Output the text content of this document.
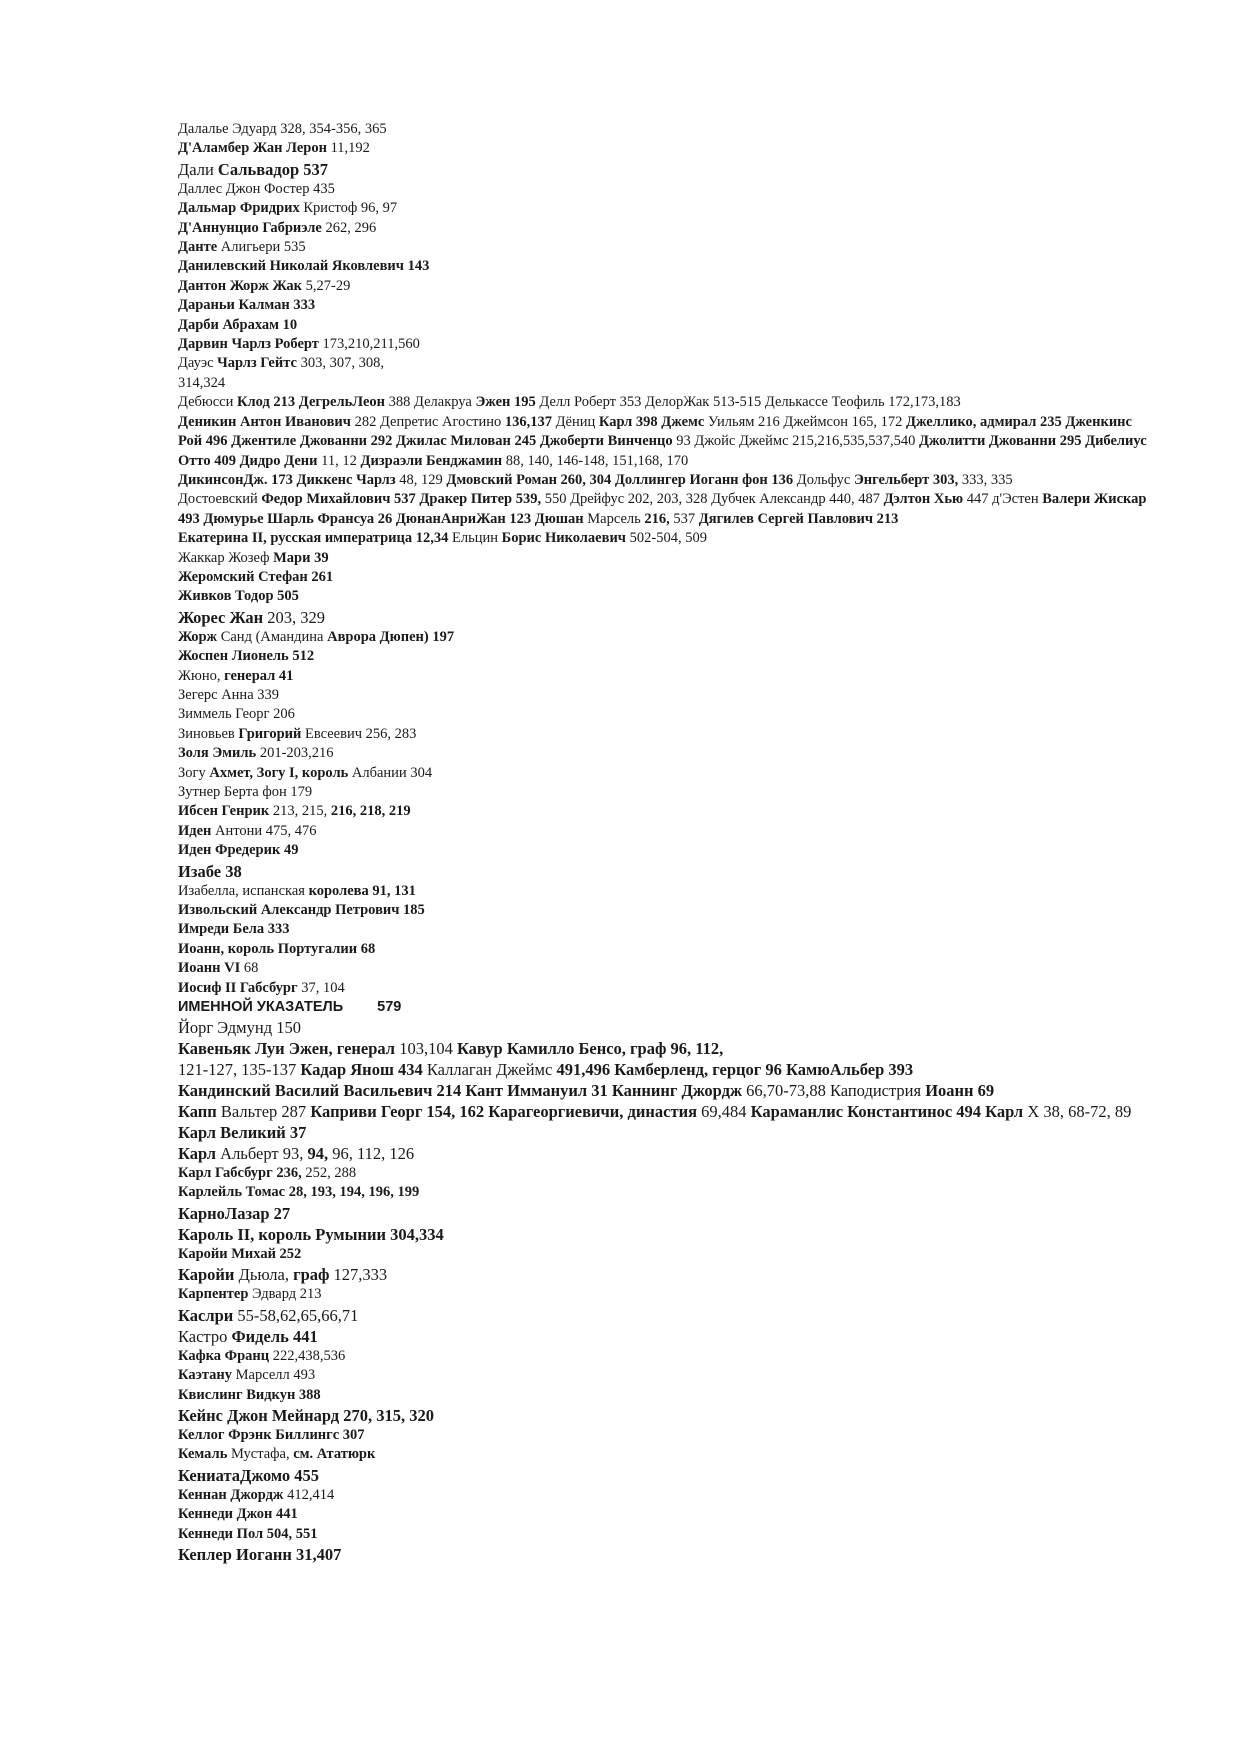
Далалье Эдуард 328, 354-356, 365

Д'Аламбер Жан Лерон 11,192

Дали Сальвадор 537

Даллес Джон Фостер 435

Дальмар Фридрих Кристоф 96, 97

Д'Аннунцио Габриэле 262, 296

Данте Алигьери 535

Данилевский Николай Яковлевич 143

Дантон Жорж Жак 5,27-29

Дараньи Калман 333

Дарби Абрахам 10

Дарвин Чарлз Роберт 173,210,211,560

Дауэс Чарлз Гейтс 303, 307, 308,

314,324

Дебюсси Клод 213 ДегрельЛеон 388 Делакруа Эжен 195 Делл Роберт 353 ДелорЖак 513-515 Делькассе Теофиль 172,173,183

Деникин Антон Иванович 282 Депретис Агостино 136,137 Дёниц Карл 398 Джемс Уильям 216 Джеймсон 165, 172 Джеллико, адмирал 235 Дженкинс Рой 496 Джентиле Джованни 292 Джилас Милован 245 Джоберти Винченцо 93 Джойс Джеймс 215,216,535,537,540 Джолитти Джованни 295 Дибелиус Отто 409 Дидро Дени 11, 12 Дизраэли Бенджамин 88, 140, 146-148, 151,168, 170

ДикинсонДж. 173 Диккенс Чарлз 48, 129 Дмовский Роман 260, 304 Доллингер Иоганн фон 136 Дольфус Энгельберт 303, 333, 335

Достоевский Федор Михайлович 537 Дракер Питер 539, 550 Дрейфус 202, 203, 328 Дубчек Александр 440, 487 Дэлтон Хью 447 д'Эстен Валери Жискар 493 Дюмурье Шарль Франсуа 26 ДюнанАнриЖан 123 Дюшан Марсель 216, 537 Дягилев Сергей Павлович 213

Екатерина II, русская императрица 12,34 Ельцин Борис Николаевич 502-504, 509

Жаккар Жозеф Мари 39

Жеромский Стефан 261

Живков Тодор 505

Жорес Жан 203, 329

Жорж Санд (Амандина Аврора Дюпен) 197

Жоспен Лионель 512

Жюно, генерал 41

Зегерс Анна 339

Зиммель Георг 206

Зиновьев Григорий Евсеевич 256, 283

Золя Эмиль 201-203,216

Зогу Ахмет, Зогу I, король Албании 304

Зутнер Берта фон 179

Ибсен Генрик 213, 215, 216, 218, 219

Иден Антони 475, 476

Иден Фредерик 49

Изабе 38

Изабелла, испанская королева 91, 131

Извольский Александр Петрович 185

Имреди Бела 333

Иоанн, король Португалии 68

Иоанн VI 68

Иосиф II Габсбург 37, 104

ИМЕННОЙ УКАЗАТЕЛЬ 579

Йорг Эдмунд 150

Кавеньяк Луи Эжен, генерал 103,104 Кавур Камилло Бенсо, граф 96, 112,

121-127, 135-137 Кадар Янош 434 Каллаган Джеймс 491,496 Камберленд, герцог 96 КамюАльбер 393

Кандинский Василий Васильевич 214 Кант Иммануил 31 Каннинг Джордж 66,70-73,88 Каподистрия Иоанн 69

Капп Вальтер 287 Каприви Георг 154, 162 Карагеоргиевичи, династия 69,484 Караманлис Константинос 494 Карл X 38, 68-72, 89

Карл Великий 37

Карл Альберт 93, 94, 96, 112, 126

Карл Габсбург 236, 252, 288

Карлейль Томас 28, 193, 194, 196, 199

КарноЛазар 27

Кароль II, король Румынии 304,334

Каройи Михай 252

Каройи Дьюла, граф 127,333

Карпентер Эдвард 213

Каслри 55-58,62,65,66,71

Кастро Фидель 441

Кафка Франц 222,438,536

Каэтану Марселл 493

Квислинг Видкун 388

Кейнс Джон Мейнард 270, 315, 320

Келлог Фрэнк Биллингс 307

Кемаль Мустафа, см. Ататюрк

КениатаДжомо 455

Кеннан Джордж 412,414

Кеннеди Джон 441

Кеннеди Пол 504, 551

Кеплер Иоганн 31,407
